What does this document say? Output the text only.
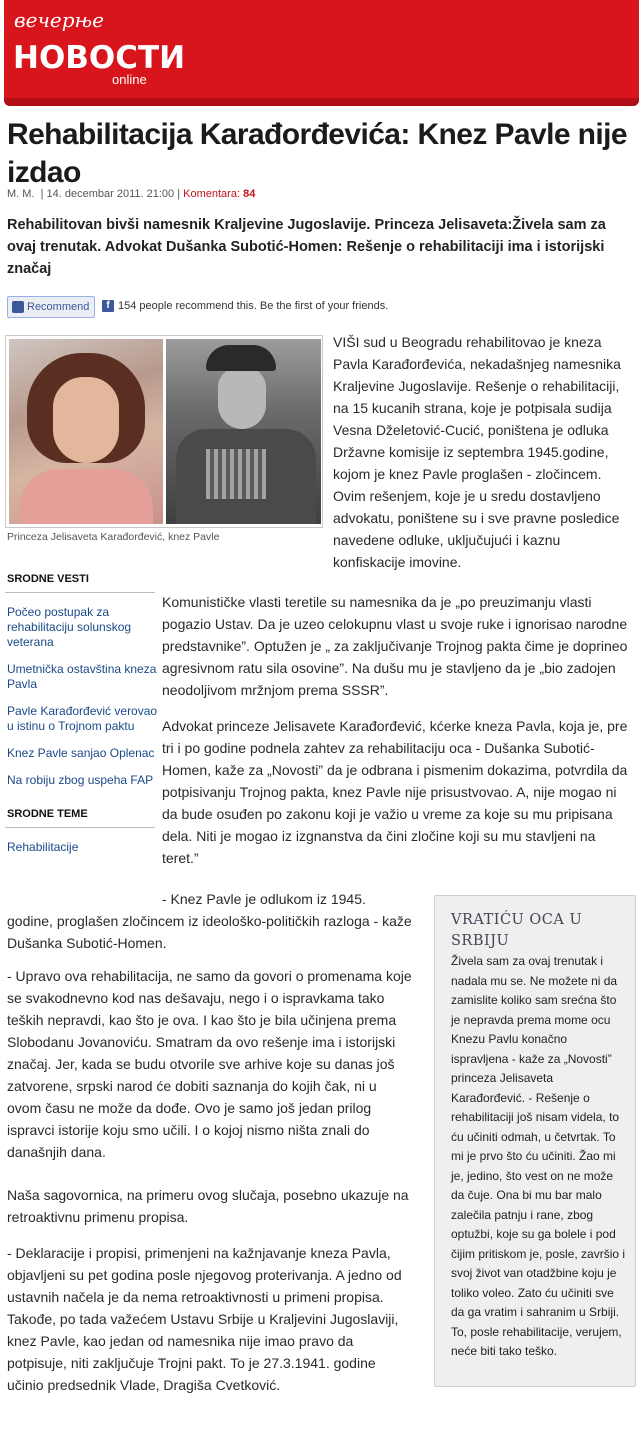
вечерње
НОВОСТИ
online
Rehabilitacija Karađorđevića: Knez Pavle nije izdao
M. M.  | 14. decembar 2011. 21:00 | Komentara: 84

Rehabilitovan bivši namesnik Kraljevine Jugoslavije. Princeza Jelisaveta:Živela sam za ovaj trenutak. Advokat Dušanka Subotić-Homen: Rešenje o rehabilitaciji ima i istorijski značaj

Recommend	f 154 people recommend this. Be the first of your friends.
Princeza Jelisaveta Karađorđević, knez Pavle

VIŠI sud u Beogradu rehabilitovao je kneza Pavla Karađorđevića, nekadašnjeg namesnika Kraljevine Jugoslavije. Rešenje o rehabilitaciji, na 15 kucanih strana, koje je potpisala sudija Vesna Dželetović-Cucić, poništena je odluka Državne komisije iz septembra 1945.godine, kojom je knez Pavle proglašen - zločincem. Ovim rešenjem, koje je u sredu dostavljeno advokatu, poništene su i sve pravne posledice navedene odluke, uključujući i kaznu konfiskacije imovine.

Komunističke vlasti teretile su namesnika da je „po preuzimanju vlasti pogazio Ustav. Da je uzeo celokupnu vlast u svoje ruke i ignorisao narodne predstavnike”. Optužen je „ za zaključivanje Trojnog pakta čime je doprineo agresivnom ratu sila osovine”. Na dušu mu je stavljeno da je „bio zadojen neodoljivom mržnjom prema SSSR”.

Advokat princeze Jelisavete Karađorđević, kćerke kneza Pavla, koja je, pre tri i po godine podnela zahtev za rehabilitaciju oca - Dušanka Subotić-Homen, kaže za „Novosti” da je odbrana i pismenim dokazima, potvrdila da potpisivanju Trojnog pakta, knez Pavle nije prisustvovao. A, nije mogao ni da bude osuđen po zakonu koji je važio u vreme za koje su mu pripisana dela. Niti je mogao iz izgnanstva da čini zločine koji su mu stavljeni na teret.”

- Knez Pavle je odlukom iz 1945. godine, proglašen zločincem iz ideološko-političkih razloga - kaže Dušanka Subotić-Homen.

- Upravo ova rehabilitacija, ne samo da govori o promenama koje se svakodnevno kod nas dešavaju, nego i o ispravkama tako teških nepravdi, kao što je ova. I kao što je bila učinjena prema Slobodanu Jovanoviću. Smatram da ovo rešenje ima i istorijski značaj. Jer, kada se budu otvorile sve arhive koje su danas još zatvorene, srpski narod će dobiti saznanja do kojih čak, ni u ovom času ne može da dođe. Ovo je samo još jedan prilog ispravci istorije koju smo učili. I o kojoj nismo ništa znali do današnjih dana.

Naša sagovornica, na primeru ovog slučaja, posebno ukazuje na retroaktivnu primenu propisa.

- Deklaracije i propisi, primenjeni na kažnjavanje kneza Pavla, objavljeni su pet godina posle njegovog proterivanja. A jedno od ustavnih načela je da nema retroaktivnosti u primeni propisa. Takođe, po tada važećem Ustavu Srbije u Kraljevini Jugoslaviji, knez Pavle, kao jedan od namesnika nije imao pravo da potpisuje, niti zaključuje Trojni pakt. To je 27.3.1941. godine učinio predsednik Vlade, Dragiša Cvetković.

SRODNE VESTI
Počeo postupak za rehabilitaciju solunskog veterana
Umetnička ostavština kneza Pavla
Pavle Karađorđević verovao u istinu o Trojnom paktu
Knez Pavle sanjao Oplenac
Na robiju zbog uspeha FAP
SRODNE TEME
Rehabilitacije
VRATIĆU OCA U SRBIJU
Živela sam za ovaj trenutak i nadala mu se. Ne možete ni da zamislite koliko sam srećna što je nepravda prema mome ocu Knezu Pavlu konačno ispravljena - kaže za „Novosti” princeza Jelisaveta Karađorđević. - Rešenje o rehabilitaciji još nisam videla, to ću učiniti odmah, u četvrtak. To mi je prvo što ću učiniti. Žao mi je, jedino, što vest on ne može da čuje. Ona bi mu bar malo zalečila patnju i rane, zbog optužbi, koje su ga bolele i pod čijim pritiskom je, posle, završio i svoj život van otadžbine koju je toliko voleo. Zato ću učiniti sve da ga vratim i sahranim u Srbiji. To, posle rehabilitacije, verujem, neće biti tako teško.
